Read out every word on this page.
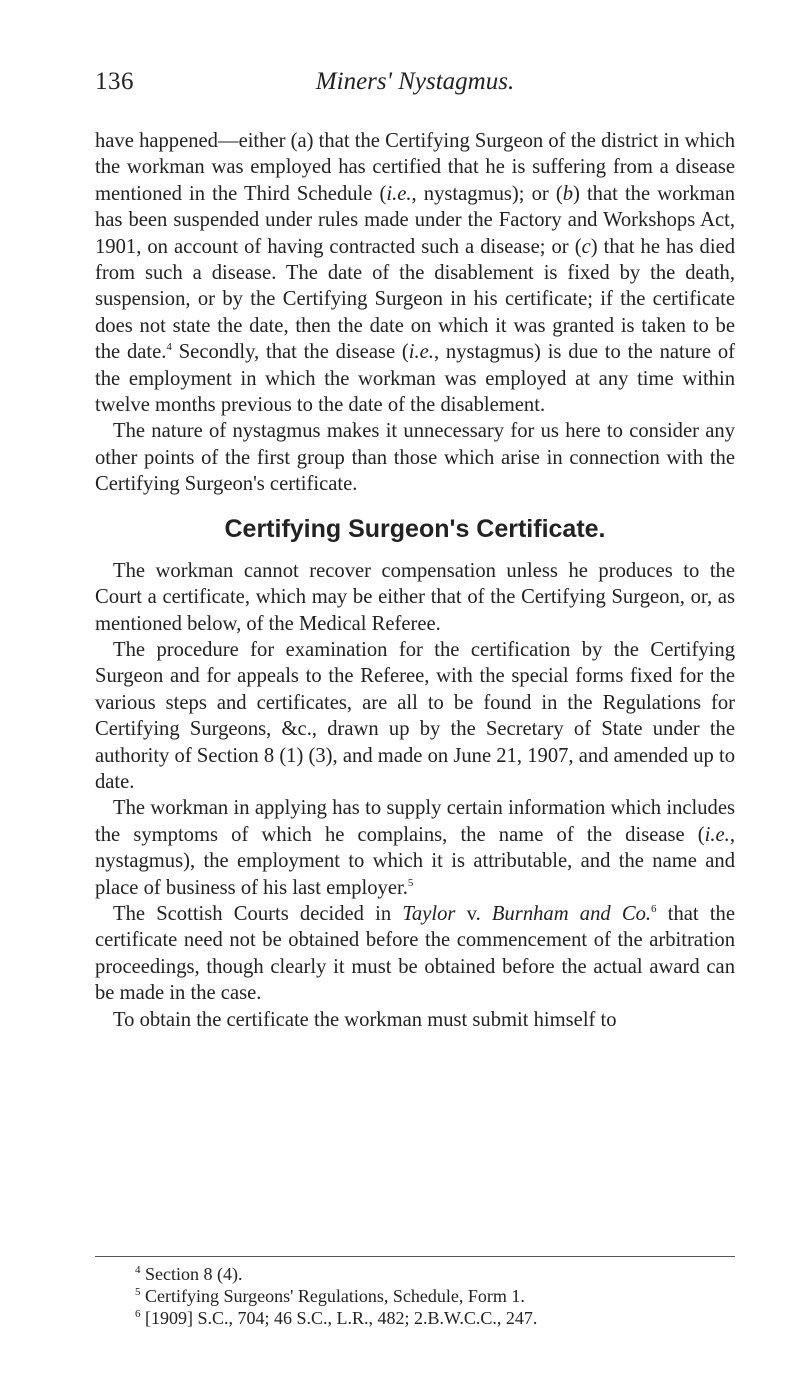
136	Miners' Nystagmus.

have happened—either (a) that the Certifying Surgeon of the district in which the workman was employed has certified that he is suffering from a disease mentioned in the Third Schedule (i.e., nystagmus); or (b) that the workman has been suspended under rules made under the Factory and Workshops Act, 1901, on account of having contracted such a disease; or (c) that he has died from such a disease. The date of the disablement is fixed by the death, suspension, or by the Certifying Surgeon in his certificate; if the certificate does not state the date, then the date on which it was granted is taken to be the date.$^4$ Secondly, that the disease (i.e., nystagmus) is due to the nature of the employment in which the workman was employed at any time within twelve months previous to the date of the disablement.

The nature of nystagmus makes it unnecessary for us here to consider any other points of the first group than those which arise in connection with the Certifying Surgeon's certificate.

Certifying Surgeon's Certificate.

The workman cannot recover compensation unless he produces to the Court a certificate, which may be either that of the Certifying Surgeon, or, as mentioned below, of the Medical Referee.

The procedure for examination for the certification by the Certifying Surgeon and for appeals to the Referee, with the special forms fixed for the various steps and certificates, are all to be found in the Regulations for Certifying Surgeons, &c., drawn up by the Secretary of State under the authority of Section 8 (1) (3), and made on June 21, 1907, and amended up to date.

The workman in applying has to supply certain information which includes the symptoms of which he complains, the name of the disease (i.e., nystagmus), the employment to which it is attributable, and the name and place of business of his last employer.$^5$

The Scottish Courts decided in Taylor v. Burnham and Co.$^6$ that the certificate need not be obtained before the commencement of the arbitration proceedings, though clearly it must be obtained before the actual award can be made in the case.

To obtain the certificate the workman must submit himself to

$^4$ Section 8 (4).
$^5$ Certifying Surgeons' Regulations, Schedule, Form 1.
$^6$ [1909] S.C., 704; 46 S.C., L.R., 482; 2.B.W.C.C., 247.
